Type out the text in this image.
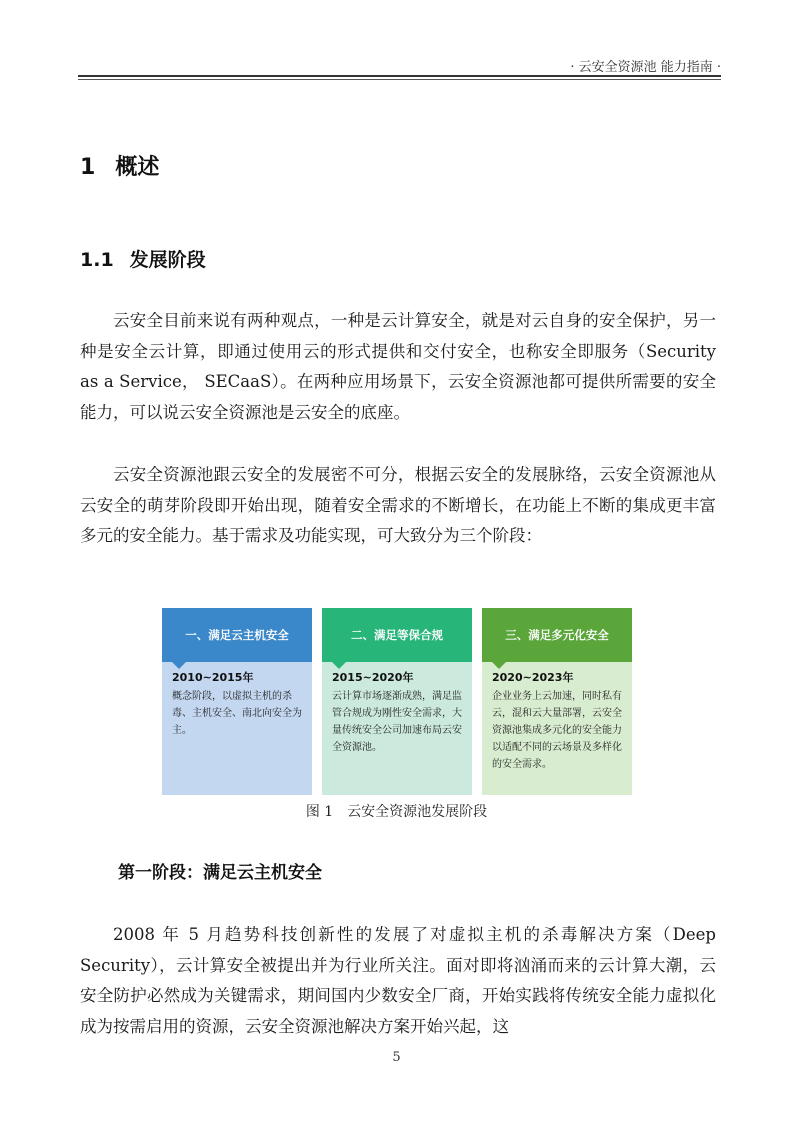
· 云安全资源池 能力指南 ·
1 概述
1.1 发展阶段

云安全目前来说有两种观点，一种是云计算安全，就是对云自身的安全保护，另一种是安全云计算，即通过使用云的形式提供和交付安全，也称安全即服务（Security as a Service， SECaaS）。在两种应用场景下，云安全资源池都可提供所需要的安全能力，可以说云安全资源池是云安全的底座。

云安全资源池跟云安全的发展密不可分，根据云安全的发展脉络，云安全资源池从云安全的萌芽阶段即开始出现，随着安全需求的不断增长，在功能上不断的集成更丰富多元的安全能力。基于需求及功能实现，可大致分为三个阶段：

一、满足云主机安全
2010~2015年
概念阶段，以虚拟主机的杀毒、主机安全、南北向安全为主。
二、满足等保合规
2015~2020年
云计算市场逐渐成熟，满足监管合规成为刚性安全需求，大量传统安全公司加速布局云安全资源池。
三、满足多元化安全
2020~2023年
企业业务上云加速，同时私有云，混和云大量部署，云安全资源池集成多元化的安全能力以适配不同的云场景及多样化的安全需求。
图 1 云安全资源池发展阶段
第一阶段：满足云主机安全

2008 年 5 月趋势科技创新性的发展了对虚拟主机的杀毒解决方案（Deep Security），云计算安全被提出并为行业所关注。面对即将汹涌而来的云计算大潮，云安全防护必然成为关键需求，期间国内少数安全厂商，开始实践将传统安全能力虚拟化成为按需启用的资源，云安全资源池解决方案开始兴起，这

5
